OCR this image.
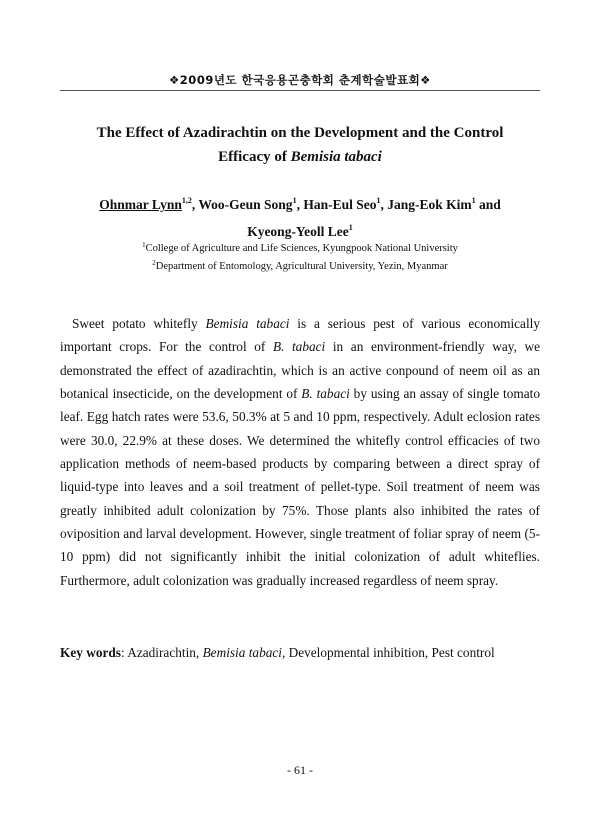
❖2009년도 한국응용곤충학회 춘계학술발표회❖
The Effect of Azadirachtin on the Development and the Control
Efficacy of Bemisia tabaci
Ohnmar Lynn$^{1,2}$, Woo-Geun Song$^1$, Han-Eul Seo$^1$, Jang-Eok Kim$^1$ and
Kyeong-Yeoll Lee$^1$
$^1$College of Agriculture and Life Sciences, Kyungpook National University
$^2$Department of Entomology, Agricultural University, Yezin, Myanmar
Sweet potato whitefly Bemisia tabaci is a serious pest of various economically important crops. For the control of B. tabaci in an environment-friendly way, we demonstrated the effect of azadirachtin, which is an active conpound of neem oil as an botanical insecticide, on the development of B. tabaci by using an assay of single tomato leaf. Egg hatch rates were 53.6, 50.3% at 5 and 10 ppm, respectively. Adult eclosion rates were 30.0, 22.9% at these doses. We determined the whitefly control efficacies of two application methods of neem-based products by comparing between a direct spray of liquid-type into leaves and a soil treatment of pellet-type. Soil treatment of neem was greatly inhibited adult colonization by 75%. Those plants also inhibited the rates of oviposition and larval development. However, single treatment of foliar spray of neem (5-10 ppm) did not significantly inhibit the initial colonization of adult whiteflies. Furthermore, adult colonization was gradually increased regardless of neem spray.
Key words: Azadirachtin, Bemisia tabaci, Developmental inhibition, Pest control
- 61 -
